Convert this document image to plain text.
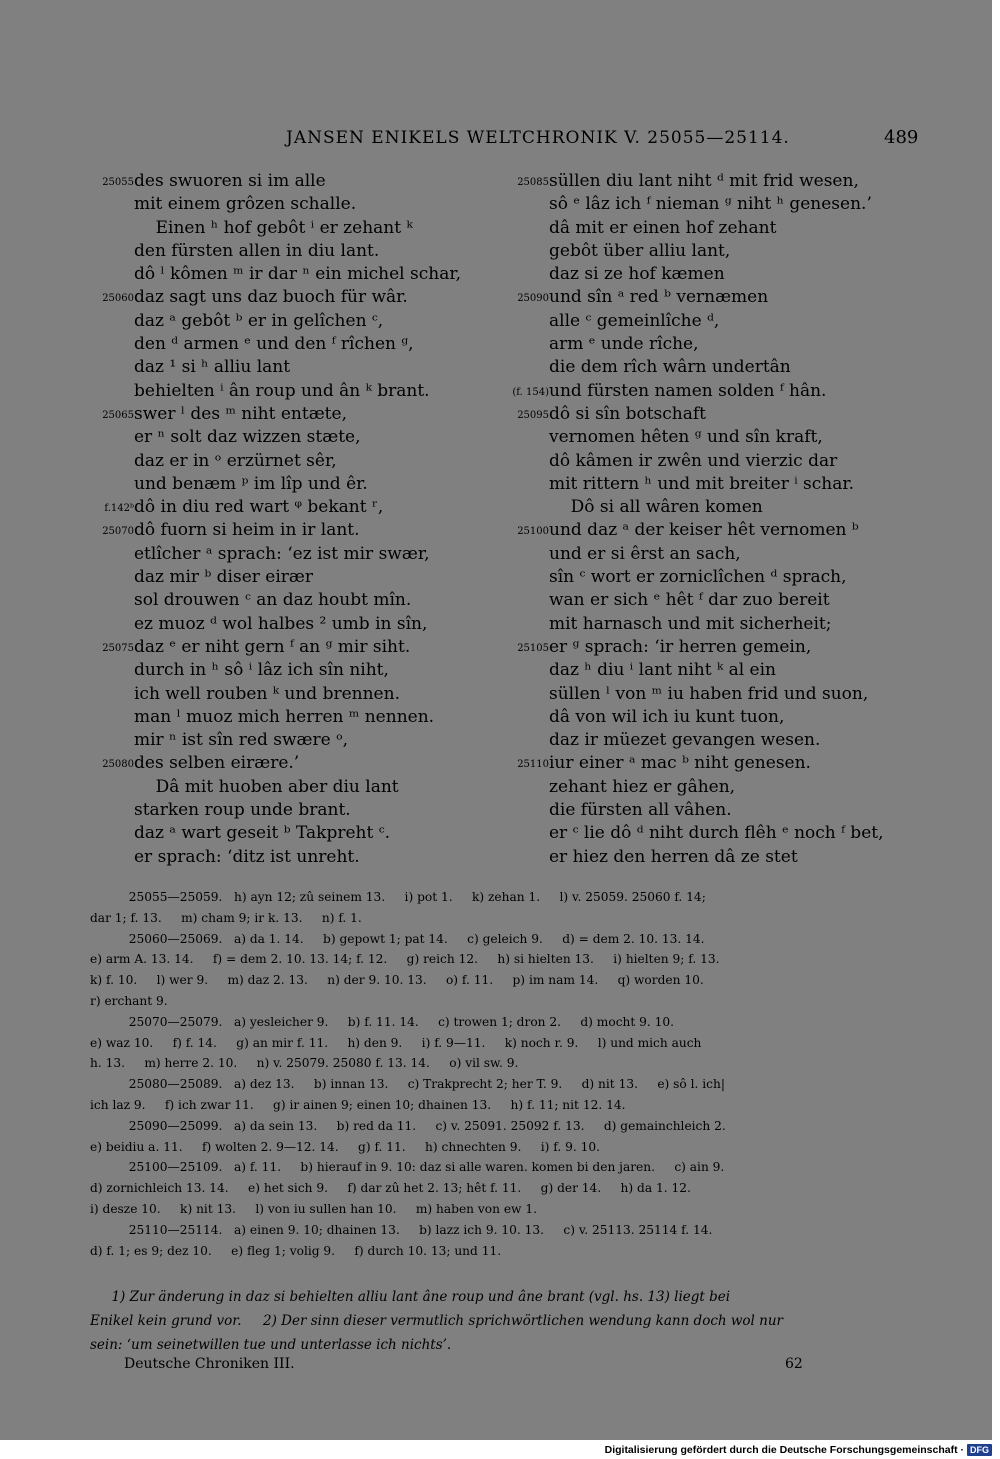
JANSEN ENIKELS WELTCHRONIK V. 25055—25114.	489
25055 des swuoren si im alle
mit einem grôzen schalle.
Einen ʰ hof gebôt ⁱ er zehant ᵏ
den fürsten allen in diu lant.
dô ˡ kômen ᵐ ir dar ⁿ ein michel schar,
25060 daz sagt uns daz buoch für wâr.
daz ᵃ gebôt ᵇ er in gelîchen ᶜ,
den ᵈ armen ᵉ und den ᶠ rîchen ᵍ,
daz ¹ si ʰ alliu lant
behielten ⁱ ân roup und ân ᵏ brant.
25065 swer ˡ des ᵐ niht entæte,
er ⁿ solt daz wizzen stæte,
daz er in ᵒ erzürnet sêr,
und benæm ᵖ im lîp und êr.
f.142ᵇ dô in diu red wart ᵠ bekant ʳ,
25070 dô fuorn si heim in ir lant.
etlîcher ᵃ sprach: ‘ez ist mir swær,
daz mir ᵇ diser eirær
sol drouwen ᶜ an daz houbt mîn.
ez muoz ᵈ wol halbes ² umb in sîn,
25075 daz ᵉ er niht gern ᶠ an ᵍ mir siht.
durch in ʰ sô ⁱ lâz ich sîn niht,
ich well rouben ᵏ und brennen.
man ˡ muoz mich herren ᵐ nennen.
mir ⁿ ist sîn red swære ᵒ,
25080 des selben eirære.’
Dâ mit huoben aber diu lant
starken roup unde brant.
daz ᵃ wart geseit ᵇ Takpreht ᶜ.
er sprach: ‘ditz ist unreht.
25085 süllen diu lant niht ᵈ mit frid wesen,
sô ᵉ lâz ich ᶠ nieman ᵍ niht ʰ genesen.’
dâ mit er einen hof zehant
gebôt über alliu lant,
daz si ze hof kæmen
25090 und sîn ᵃ red ᵇ vernæmen
alle ᶜ gemeinlîche ᵈ,
arm ᵉ unde rîche,
die dem rîch wârn undertân
(f. 154) und fürsten namen solden ᶠ hân.
25095 dô si sîn botschaft
vernomen hêten ᵍ und sîn kraft,
dô kâmen ir zwên und vierzic dar
mit rittern ʰ und mit breiter ⁱ schar.
Dô si all wâren komen
25100 und daz ᵃ der keiser hêt vernomen ᵇ
und er si êrst an sach,
sîn ᶜ wort er zorniclîchen ᵈ sprach,
wan er sich ᵉ hêt ᶠ dar zuo bereit
mit harnasch und mit sicherheit;
25105 er ᵍ sprach: ‘ir herren gemein,
daz ʰ diu ⁱ lant niht ᵏ al ein
süllen ˡ von ᵐ iu haben frid und suon,
dâ von wil ich iu kunt tuon,
daz ir müezet gevangen wesen.
25110 iur einer ᵃ mac ᵇ niht genesen.
zehant hiez er gâhen,
die fürsten all vâhen.
er ᶜ lie dô ᵈ niht durch flêh ᵉ noch ᶠ bet,
er hiez den herren dâ ze stet
25055—25059.   h) ayn 12; zû seinem 13.     i) pot 1.     k) zehan 1.     l) v. 25059. 25060 f. 14;
dar 1; f. 13.     m) cham 9; ir k. 13.     n) f. 1.
25060—25069.   a) da 1. 14.     b) gepowt 1; pat 14.     c) geleich 9.     d) = dem 2. 10. 13. 14.
e) arm A. 13. 14.     f) = dem 2. 10. 13. 14; f. 12.     g) reich 12.     h) si hielten 13.     i) hielten 9; f. 13.
k) f. 10.     l) wer 9.     m) daz 2. 13.     n) der 9. 10. 13.     o) f. 11.     p) im nam 14.     q) worden 10.
r) erchant 9.
25070—25079.   a) yesleicher 9.     b) f. 11. 14.     c) trowen 1; dron 2.     d) mocht 9. 10.
e) waz 10.     f) f. 14.     g) an mir f. 11.     h) den 9.     i) f. 9—11.     k) noch r. 9.     l) und mich auch
h. 13.     m) herre 2. 10.     n) v. 25079. 25080 f. 13. 14.     o) vil sw. 9.
25080—25089.   a) dez 13.     b) innan 13.     c) Trakprecht 2; her T. 9.     d) nit 13.     e) sô l. ich|
ich laz 9.     f) ich zwar 11.     g) ir ainen 9; einen 10; dhainen 13.     h) f. 11; nit 12. 14.
25090—25099.   a) da sein 13.     b) red da 11.     c) v. 25091. 25092 f. 13.     d) gemainchleich 2.
e) beidiu a. 11.     f) wolten 2. 9—12. 14.     g) f. 11.     h) chnechten 9.     i) f. 9. 10.
25100—25109.   a) f. 11.     b) hierauf in 9. 10: daz si alle waren. komen bi den jaren.     c) ain 9.
d) zornichleich 13. 14.     e) het sich 9.     f) dar zû het 2. 13; hêt f. 11.     g) der 14.     h) da 1. 12.
i) desze 10.     k) nit 13.     l) von iu sullen han 10.     m) haben von ew 1.
25110—25114.   a) einen 9. 10; dhainen 13.     b) lazz ich 9. 10. 13.     c) v. 25113. 25114 f. 14.
d) f. 1; es 9; dez 10.     e) fleg 1; volig 9.     f) durch 10. 13; und 11.
1) Zur änderung in daz si behielten alliu lant âne roup und âne brant (vgl. hs. 13) liegt bei
Enikel kein grund vor.     2) Der sinn dieser vermutlich sprichwörtlichen wendung kann doch wol nur
sein: ‘um seinetwillen tue und unterlasse ich nichts’.
Deutsche Chroniken III.	62
Digitalisierung gefördert durch die Deutsche Forschungsgemeinschaft · DFG
